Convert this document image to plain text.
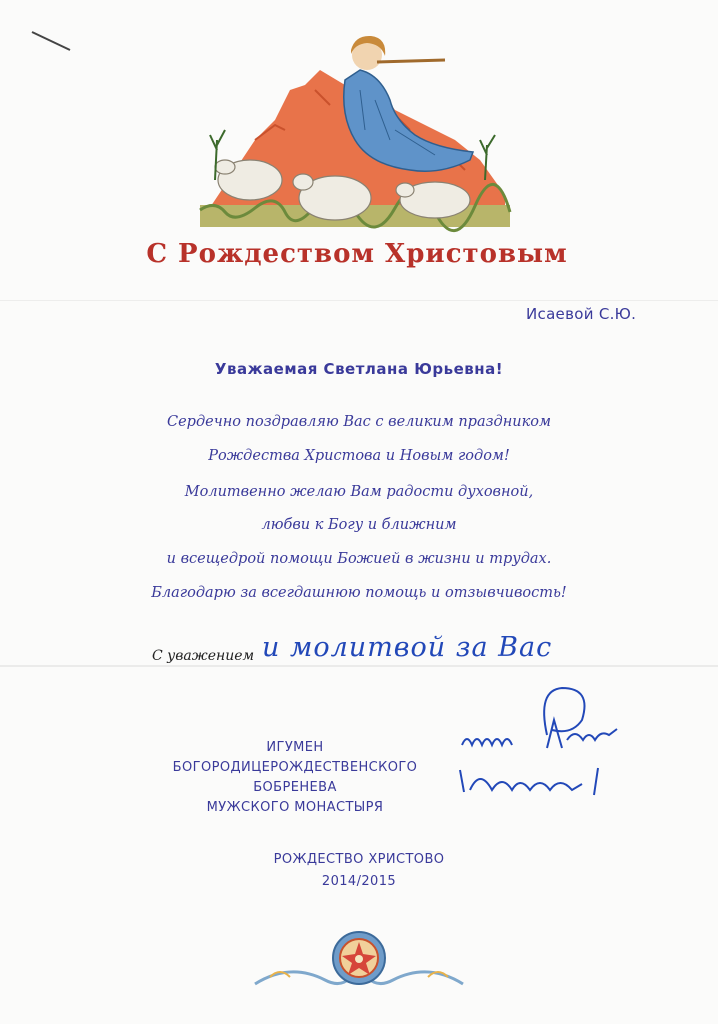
С Рождеством Христовым
Исаевой С.Ю.
Уважаемая Светлана Юрьевна!
Сердечно поздравляю Вас с великим праздником
Рождества Христова и Новым годом!
Молитвенно желаю Вам радости духовной,
любви к Богу и ближним
и всещедрой помощи Божией в жизни и трудах.
Благодарю за всегдашнюю помощь и отзывчивость!
С уважением и молитвой за Вас
ИГУМЕН
БОГОРОДИЦЕРОЖДЕСТВЕНСКОГО
БОБРЕНЕВА
МУЖСКОГО МОНАСТЫРЯ
РОЖДЕСТВО ХРИСТОВО
2014/2015
